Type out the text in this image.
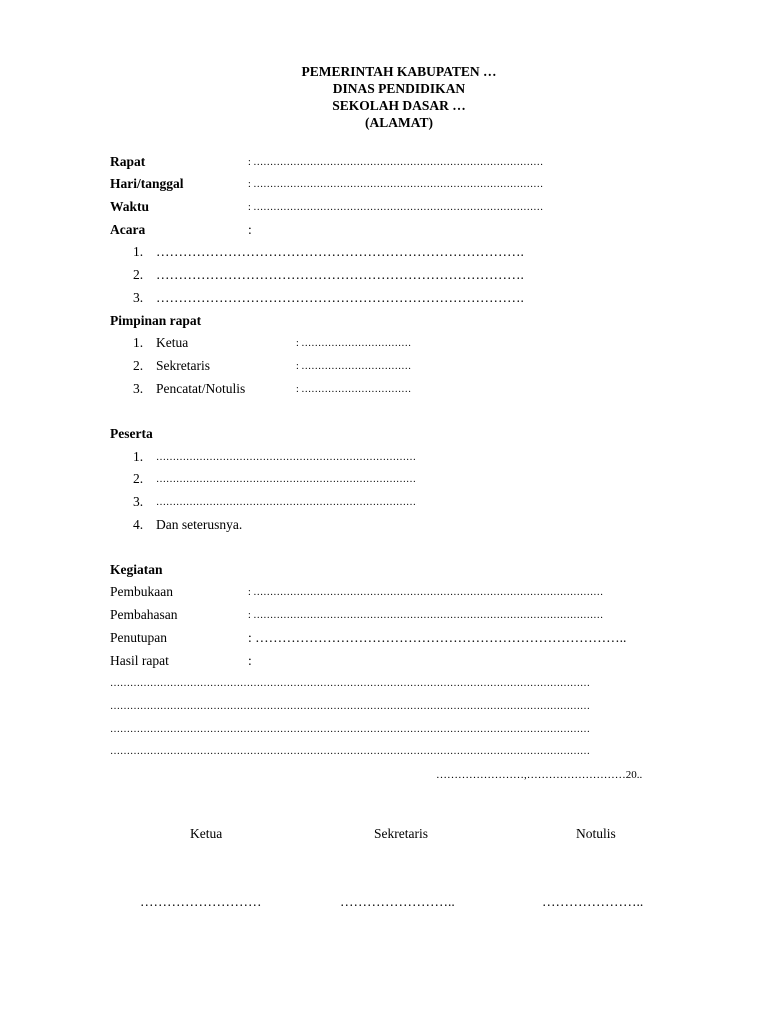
PEMERINTAH KABUPATEN …
DINAS PENDIDIKAN
SEKOLAH DASAR …
(ALAMAT)
Rapat	: ……………………………………………………………………………
Hari/tanggal	: ……………………………………………………………………………
Waktu	: ……………………………………………………………………………
Acara	:
1. ……………………………………………………………………….
2. ……………………………………………………………………….
3. ……………………………………………………………………….
Pimpinan rapat
1. Ketua	: ……………………………
2. Sekretaris	: ……………………………
3. Pencatat/Notulis	: ……………………………
Peserta
1. ……………………………………………………………………
2. ……………………………………………………………………
3. ……………………………………………………………………
4. Dan seterusnya.
Kegiatan
Pembukaan	: ……………………………………………………………………………………………
Pembahasan	: ……………………………………………………………………………………………
Penutupan	: ………………………………………………………………………..
Hasil rapat	:
………………………………………………………………………………………………………………………………
………………………………………………………………………………………………………………………………
………………………………………………………………………………………………………………………………
………………………………………………………………………………………………………………………………
……………………,………………………20..
Ketua	Sekretaris	Notulis
………………………	……………………..	…………………..
